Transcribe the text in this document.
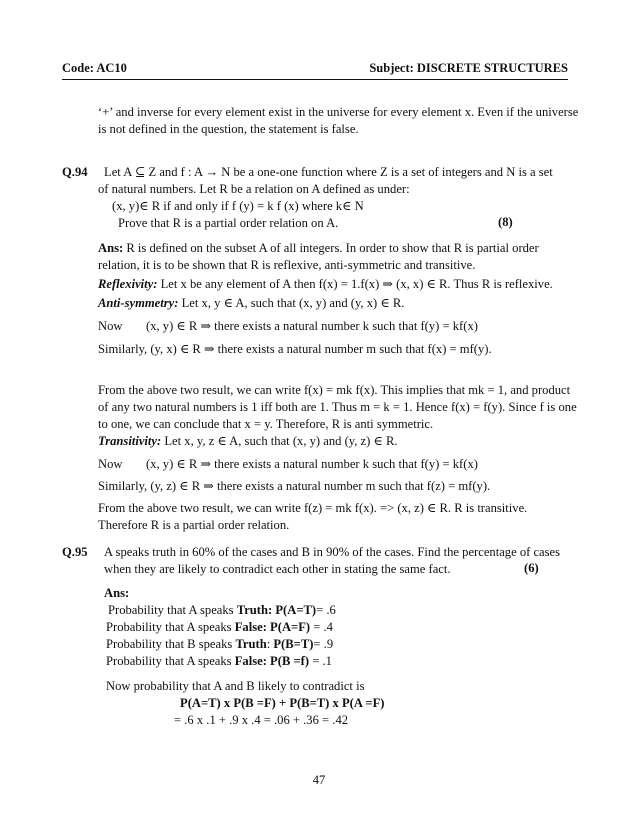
Code: AC10	Subject: DISCRETE STRUCTURES
‘+’ and inverse for every element exist in the universe for every element x. Even if the universe
is not defined in the question, the statement is false.
Q.94 Let A ⊆ Z and f : A → N be a one-one function where Z is a set of integers and N is a set
of natural numbers. Let R be a relation on A defined as under:
(x, y)∈ R if and only if f (y) = k f (x) where k∈ N
Prove that R is a partial order relation on A.	(8)
Ans: R is defined on the subset A of all integers. In order to show that R is partial order
relation, it is to be shown that R is reflexive, anti-symmetric and transitive.
Reflexivity: Let x be any element of A then f(x) = 1.f(x) ⇒ (x, x) ∈ R. Thus R is reflexive.
Anti-symmetry: Let x, y ∈ A, such that (x, y) and (y, x) ∈ R.
Now (x, y) ∈ R ⇒ there exists a natural number k such that f(y) = kf(x)
Similarly, (y, x) ∈ R ⇒ there exists a natural number m such that f(x) = mf(y).
From the above two result, we can write f(x) = mk f(x). This implies that mk = 1, and product
of any two natural numbers is 1 iff both are 1. Thus m = k = 1. Hence f(x) = f(y). Since f is one
to one, we can conclude that x = y. Therefore, R is anti symmetric.
Transitivity: Let x, y, z ∈ A, such that (x, y) and (y, z) ∈ R.
Now (x, y) ∈ R ⇒ there exists a natural number k such that f(y) = kf(x)
Similarly, (y, z) ∈ R ⇒ there exists a natural number m such that f(z) = mf(y).
From the above two result, we can write f(z) = mk f(x). => (x, z) ∈ R. R is transitive.
Therefore R is a partial order relation.
Q.95 A speaks truth in 60% of the cases and B in 90% of the cases. Find the percentage of cases
when they are likely to contradict each other in stating the same fact.	(6)
Ans:
Probability that A speaks Truth: P(A=T)= .6
Probability that A speaks False: P(A=F) = .4
Probability that B speaks Truth: P(B=T)= .9
Probability that A speaks False: P(B =f) = .1
Now probability that A and B likely to contradict is
P(A=T) x P(B =F) + P(B=T) x P(A =F)
= .6 x .1 + .9 x .4 = .06 + .36 = .42
47
